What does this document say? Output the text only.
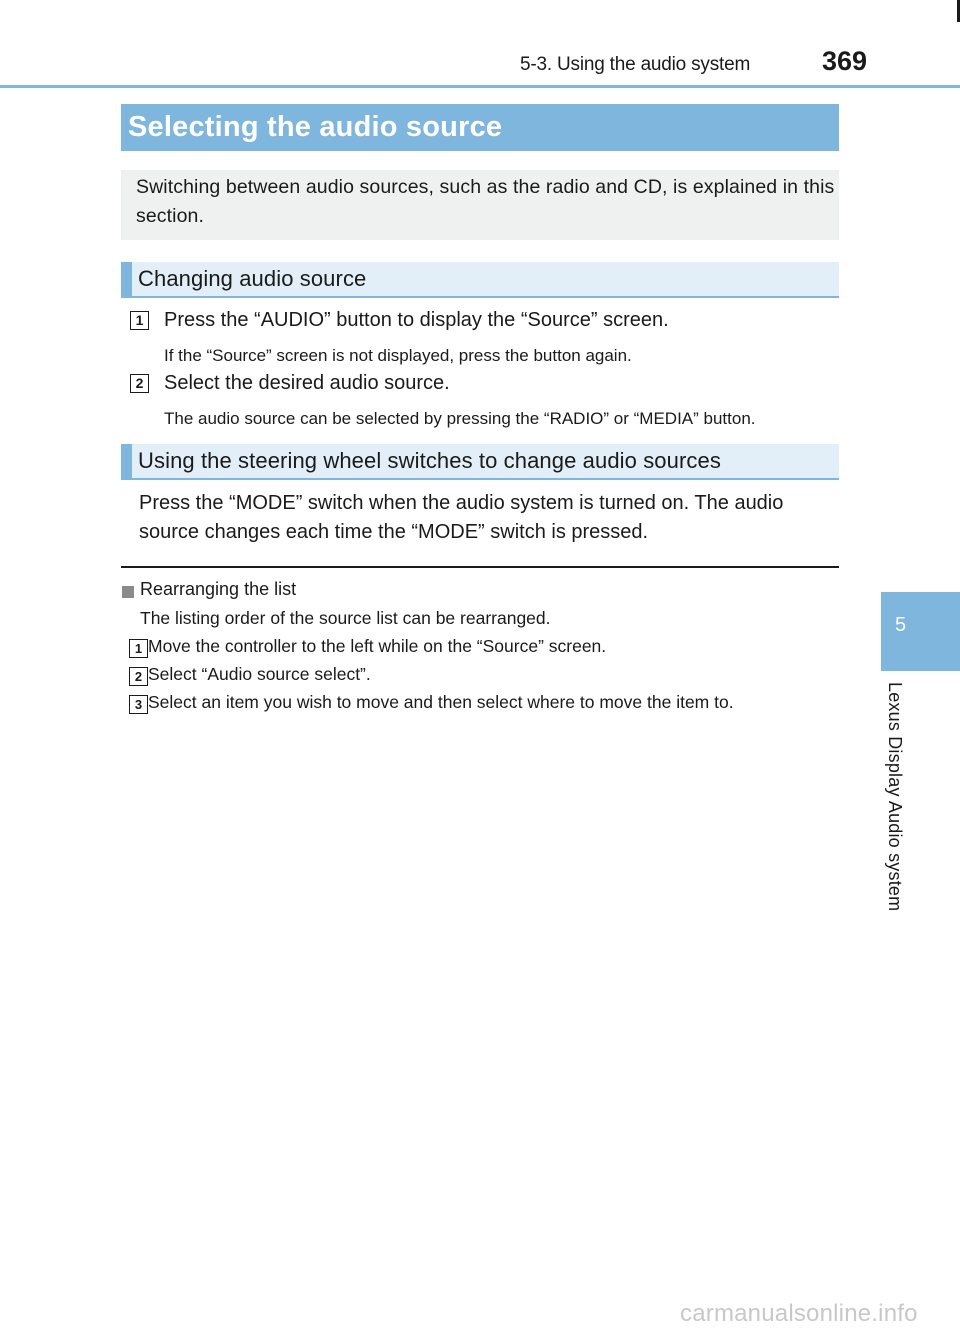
5-3. Using the audio system	369
Selecting the audio source

Switching between audio sources, such as the radio and CD, is explained in this section.

Changing audio source
1 Press the “AUDIO” button to display the “Source” screen.
If the “Source” screen is not displayed, press the button again.
2 Select the desired audio source.
The audio source can be selected by pressing the “RADIO” or “MEDIA” button.
Using the steering wheel switches to change audio sources

Press the “MODE” switch when the audio system is turned on. The audio source changes each time the “MODE” switch is pressed.

Rearranging the list
The listing order of the source list can be rearranged.
1 Move the controller to the left while on the “Source” screen.
2 Select “Audio source select”.
3 Select an item you wish to move and then select where to move the item to.
5
Lexus Display Audio system
carmanualsonline.info
